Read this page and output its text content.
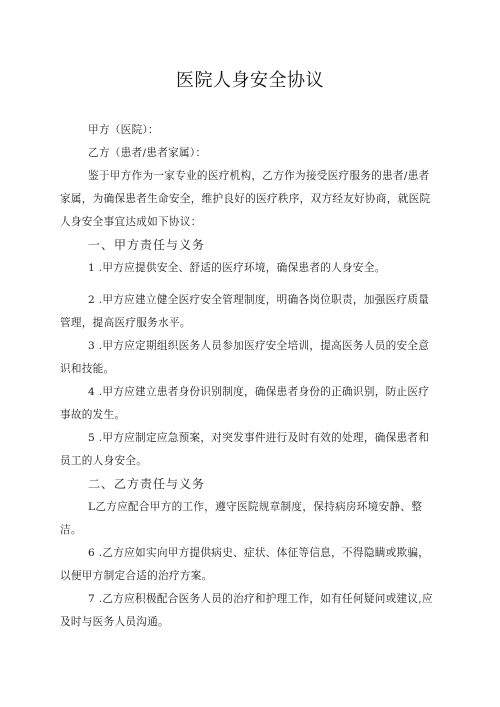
医院人身安全协议
甲方（医院）：
乙方（患者/患者家属）：
鉴于甲方作为一家专业的医疗机构，乙方作为接受医疗服务的患者/患者
家属，为确保患者生命安全，维护良好的医疗秩序，双方经友好协商，就医院
人身安全事宜达成如下协议：
一、甲方责任与义务
1 .甲方应提供安全、舒适的医疗环境，确保患者的人身安全。
2 .甲方应建立健全医疗安全管理制度，明确各岗位职责，加强医疗质量
管理，提高医疗服务水平。
3 .甲方应定期组织医务人员参加医疗安全培训，提高医务人员的安全意
识和技能。
4 .甲方应建立患者身份识别制度，确保患者身份的正确识别，防止医疗
事故的发生。
5 .甲方应制定应急预案，对突发事件进行及时有效的处理，确保患者和
员工的人身安全。
二、乙方责任与义务
L乙方应配合甲方的工作，遵守医院规章制度，保持病房环境安静、整
洁。
6 .乙方应如实向甲方提供病史、症状、体征等信息，不得隐瞒或欺骗，
以便甲方制定合适的治疗方案。
7 .乙方应积极配合医务人员的治疗和护理工作，如有任何疑问或建议,应
及时与医务人员沟通。
